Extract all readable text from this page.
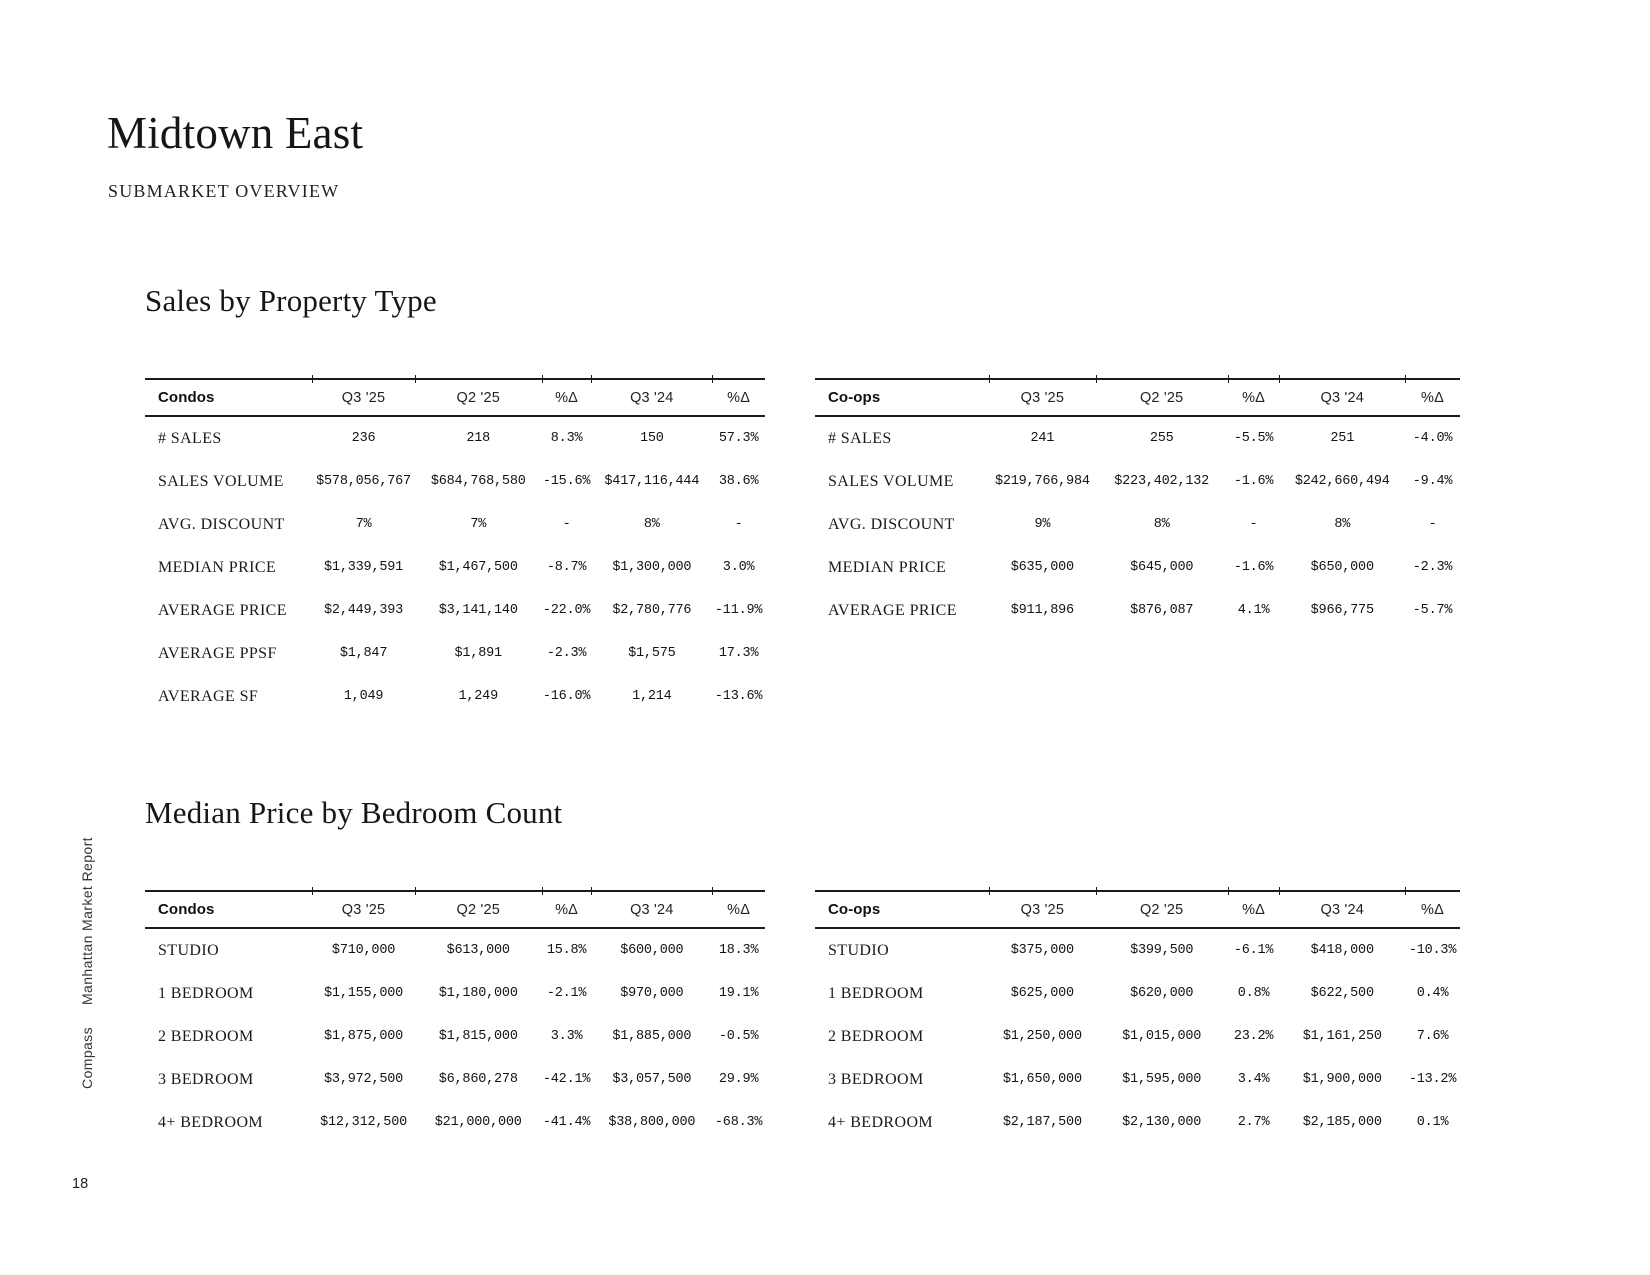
Midtown East
SUBMARKET OVERVIEW
Sales by Property Type
Condos	Q3 '25	Q2 '25	%Δ	Q3 '24	%Δ
# SALES	236	218	8.3%	150	57.3%
SALES VOLUME	$578,056,767	$684,768,580	-15.6%	$417,116,444	38.6%
AVG. DISCOUNT	7%	7%	-	8%	-
MEDIAN PRICE	$1,339,591	$1,467,500	-8.7%	$1,300,000	3.0%
AVERAGE PRICE	$2,449,393	$3,141,140	-22.0%	$2,780,776	-11.9%
AVERAGE PPSF	$1,847	$1,891	-2.3%	$1,575	17.3%
AVERAGE SF	1,049	1,249	-16.0%	1,214	-13.6%
Co-ops	Q3 '25	Q2 '25	%Δ	Q3 '24	%Δ
# SALES	241	255	-5.5%	251	-4.0%
SALES VOLUME	$219,766,984	$223,402,132	-1.6%	$242,660,494	-9.4%
AVG. DISCOUNT	9%	8%	-	8%	-
MEDIAN PRICE	$635,000	$645,000	-1.6%	$650,000	-2.3%
AVERAGE PRICE	$911,896	$876,087	4.1%	$966,775	-5.7%
Median Price by Bedroom Count
Condos	Q3 '25	Q2 '25	%Δ	Q3 '24	%Δ
STUDIO	$710,000	$613,000	15.8%	$600,000	18.3%
1 BEDROOM	$1,155,000	$1,180,000	-2.1%	$970,000	19.1%
2 BEDROOM	$1,875,000	$1,815,000	3.3%	$1,885,000	-0.5%
3 BEDROOM	$3,972,500	$6,860,278	-42.1%	$3,057,500	29.9%
4+ BEDROOM	$12,312,500	$21,000,000	-41.4%	$38,800,000	-68.3%
Co-ops	Q3 '25	Q2 '25	%Δ	Q3 '24	%Δ
STUDIO	$375,000	$399,500	-6.1%	$418,000	-10.3%
1 BEDROOM	$625,000	$620,000	0.8%	$622,500	0.4%
2 BEDROOM	$1,250,000	$1,015,000	23.2%	$1,161,250	7.6%
3 BEDROOM	$1,650,000	$1,595,000	3.4%	$1,900,000	-13.2%
4+ BEDROOM	$2,187,500	$2,130,000	2.7%	$2,185,000	0.1%
Compass
Manhattan Market Report
18
